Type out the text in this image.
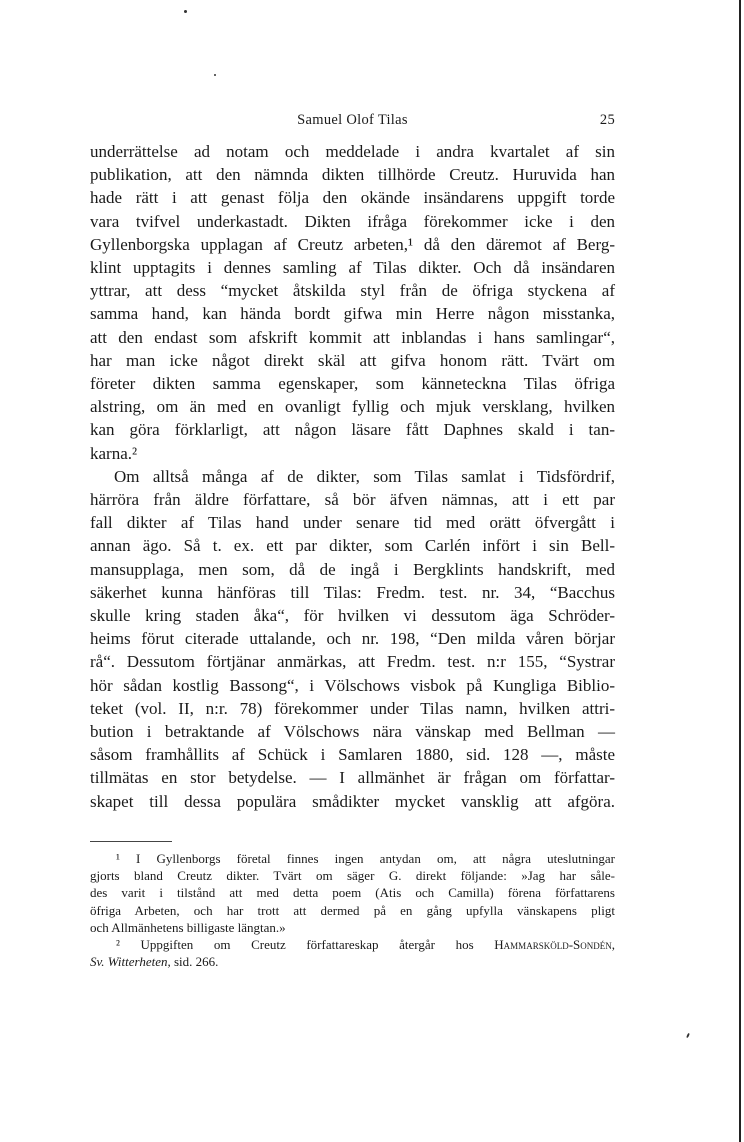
Samuel Olof Tilas	25
underrättelse ad notam och meddelade i andra kvartalet af sin
publikation, att den nämnda dikten tillhörde Creutz. Huruvida han
hade rätt i att genast följa den okände insändarens uppgift torde
vara tvifvel underkastadt. Dikten ifråga förekommer icke i den
Gyllenborgska upplagan af Creutz arbeten,¹ då den däremot af Berg-
klint upptagits i dennes samling af Tilas dikter. Och då insändaren
yttrar, att dess “mycket åtskilda styl från de öfriga styckena af
samma hand, kan hända bordt gifwa min Herre någon misstanka,
att den endast som afskrift kommit att inblandas i hans samlingar“,
har man icke något direkt skäl att gifva honom rätt. Tvärt om
företer dikten samma egenskaper, som känneteckna Tilas öfriga
alstring, om än med en ovanligt fyllig och mjuk versklang, hvilken
kan göra förklarligt, att någon läsare fått Daphnes skald i tan-
karna.²
Om alltså många af de dikter, som Tilas samlat i Tidsfördrif,
härröra från äldre författare, så bör äfven nämnas, att i ett par
fall dikter af Tilas hand under senare tid med orätt öfvergått i
annan ägo. Så t. ex. ett par dikter, som Carlén infört i sin Bell-
mansupplaga, men som, då de ingå i Bergklints handskrift, med
säkerhet kunna hänföras till Tilas: Fredm. test. nr. 34, “Bacchus
skulle kring staden åka“, för hvilken vi dessutom äga Schröder-
heims förut citerade uttalande, och nr. 198, “Den milda våren börjar
rå“. Dessutom förtjänar anmärkas, att Fredm. test. n:r 155, “Systrar
hör sådan kostlig Bassong“, i Völschows visbok på Kungliga Biblio-
teket (vol. II, n:r. 78) förekommer under Tilas namn, hvilken attri-
bution i betraktande af Völschows nära vänskap med Bellman —
såsom framhållits af Schück i Samlaren 1880, sid. 128 —, måste
tillmätas en stor betydelse. — I allmänhet är frågan om författar-
skapet till dessa populära smådikter mycket vansklig att afgöra.
¹ I Gyllenborgs företal finnes ingen antydan om, att några uteslutningar
gjorts bland Creutz dikter. Tvärt om säger G. direkt följande: »Jag har såle-
des varit i tilstånd att med detta poem (Atis och Camilla) förena författarens
öfriga Arbeten, och har trott att dermed på en gång upfylla vänskapens pligt
och Allmänhetens billigaste längtan.»
² Uppgiften om Creutz författareskap återgår hos Hammarsköld-Sondén,
Sv. Witterheten, sid. 266.
